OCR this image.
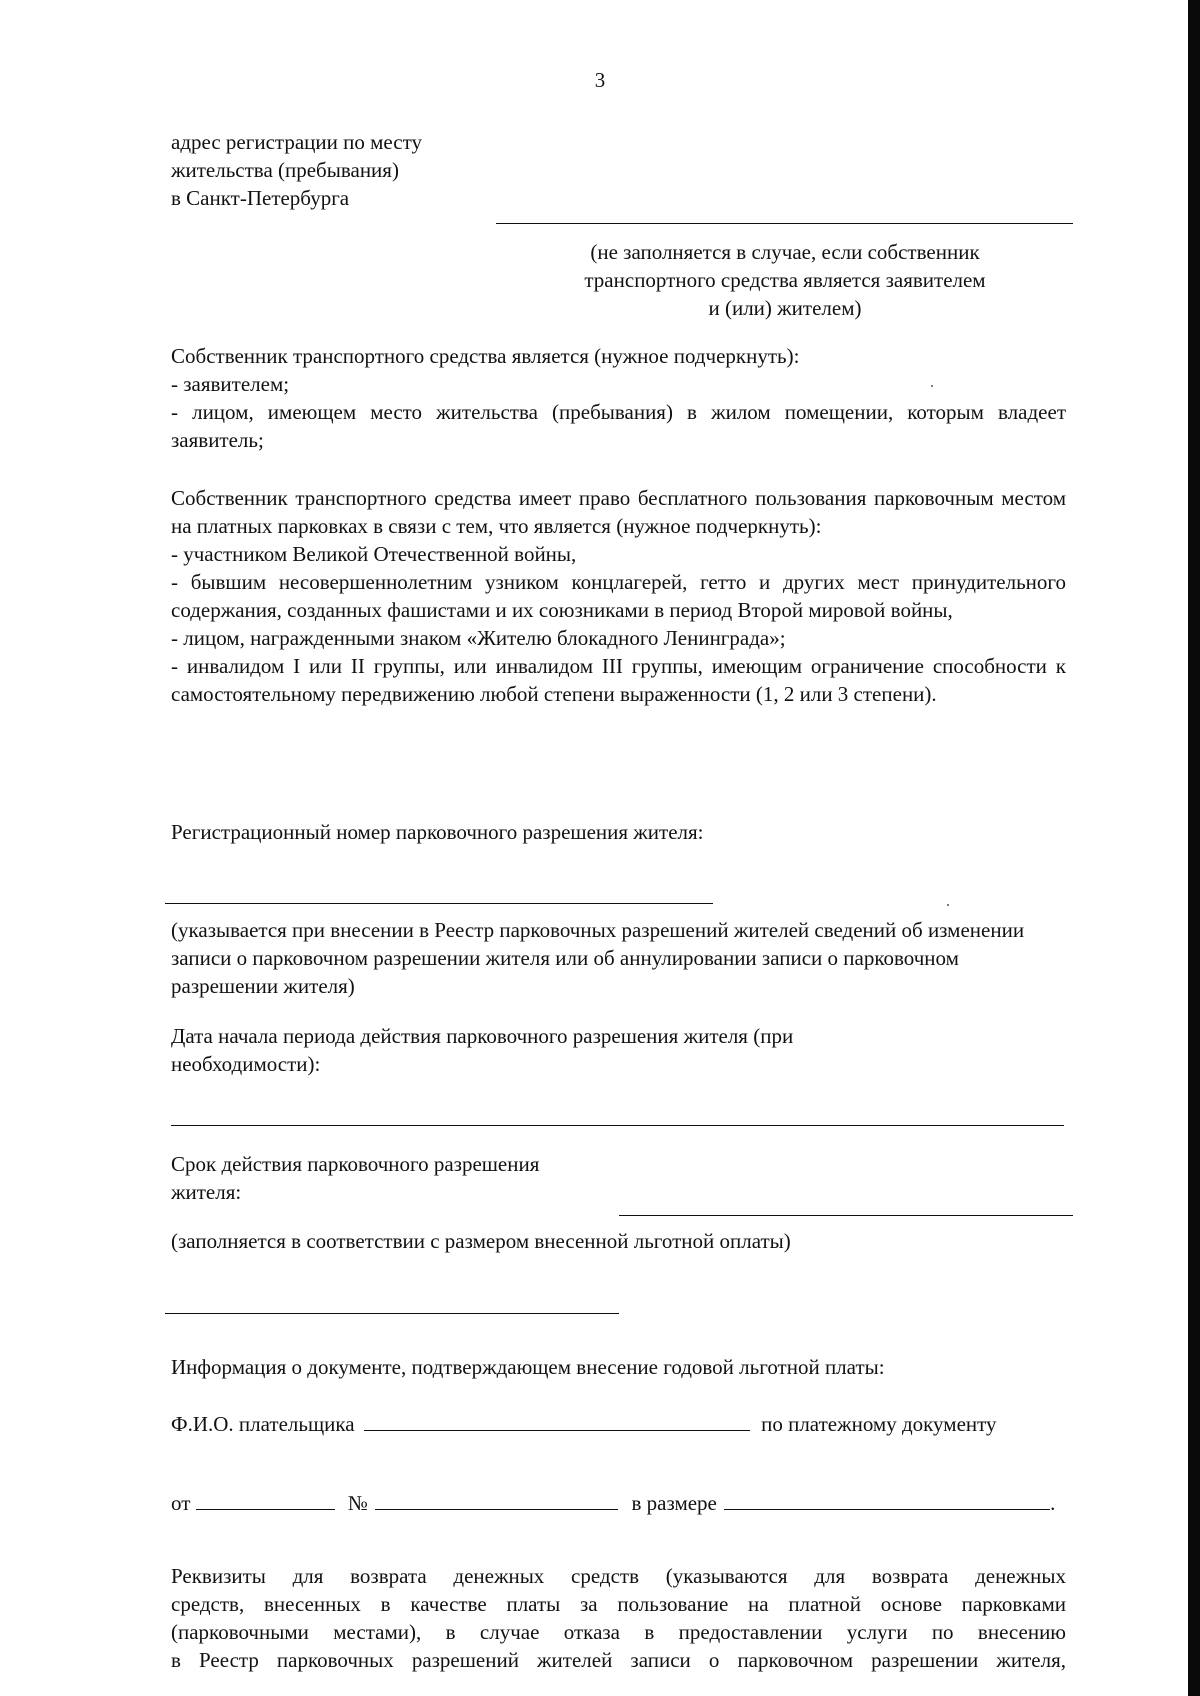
3
адрес регистрации по месту
жительства (пребывания)
в Санкт-Петербурга
(не заполняется в случае, если собственник
транспортного средства является заявителем
и (или) жителем)
Собственник транспортного средства является (нужное подчеркнуть):
- заявителем;
- лицом, имеющем место жительства (пребывания) в жилом помещении, которым владеет заявитель;
Собственник транспортного средства имеет право бесплатного пользования парковочным местом на платных парковках в связи с тем, что является (нужное подчеркнуть):
- участником Великой Отечественной войны,
- бывшим несовершеннолетним узником концлагерей, гетто и других мест принудительного содержания, созданных фашистами и их союзниками в период Второй мировой войны,
- лицом, награжденными знаком «Жителю блокадного Ленинграда»;
- инвалидом I или II группы, или инвалидом III группы, имеющим ограничение способности к самостоятельному передвижению любой степени выраженности (1, 2 или 3 степени).
Регистрационный номер парковочного разрешения жителя:
(указывается при внесении в Реестр парковочных разрешений жителей сведений об изменении записи о парковочном разрешении жителя или об аннулировании записи о парковочном разрешении жителя)
Дата начала периода действия парковочного разрешения жителя (при необходимости):
Срок действия парковочного разрешения
жителя:
(заполняется в соответствии с размером внесенной льготной оплаты)
Информация о документе, подтверждающем внесение годовой льготной платы:
Ф.И.О. плательщика	по платежному документу
от	№	в размере	.
Реквизиты для возврата денежных средств (указываются для возврата денежных
средств, внесенных в качестве платы за пользование на платной основе парковками
(парковочными местами), в случае отказа в предоставлении услуги по внесению
в Реестр парковочных разрешений жителей записи о парковочном разрешении жителя,
